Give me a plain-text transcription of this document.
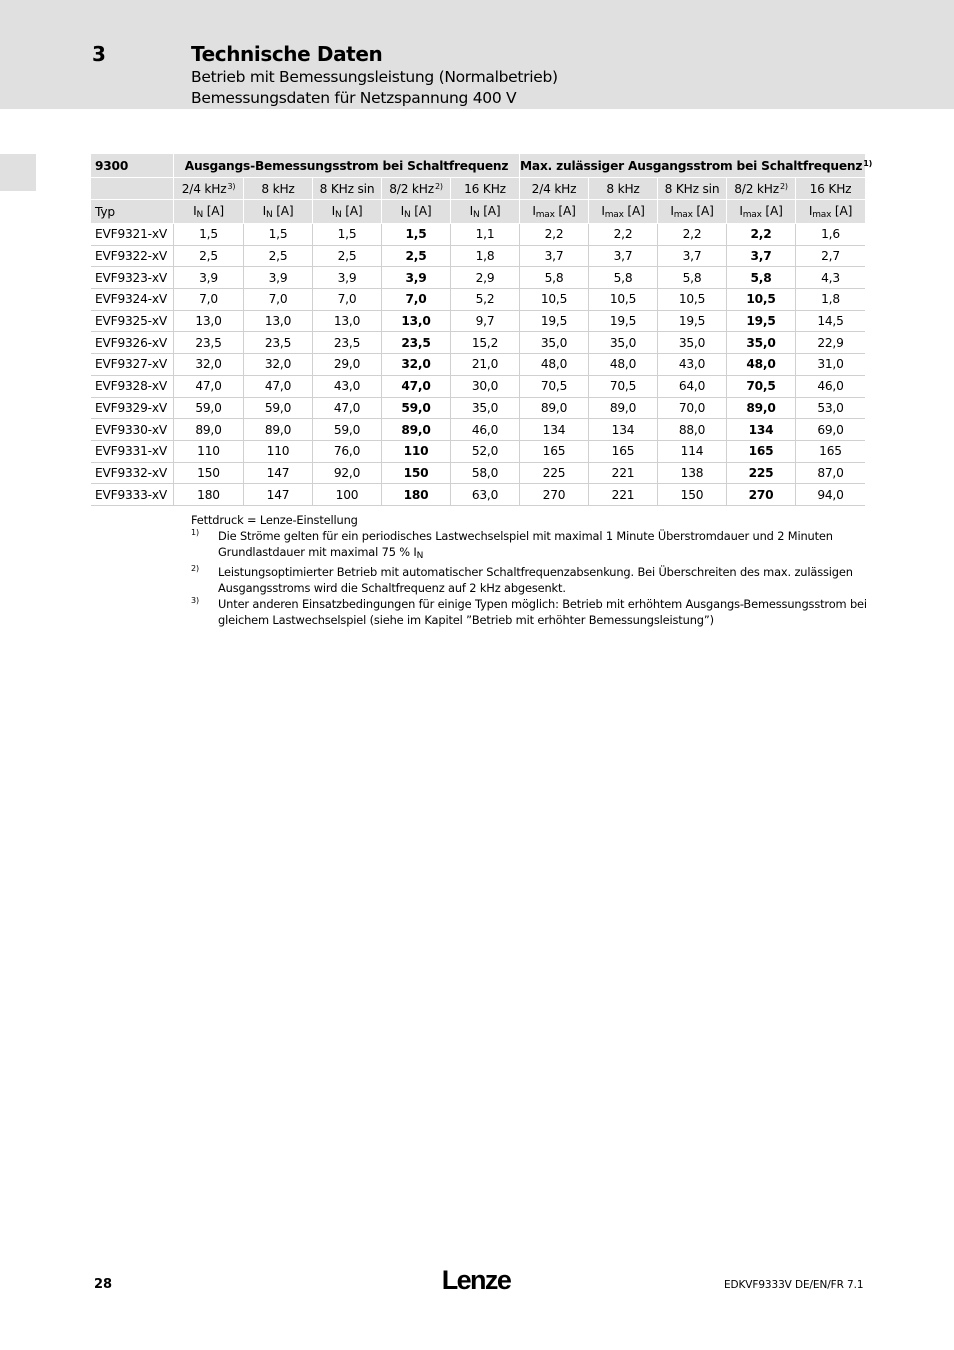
3	Technische Daten
Betrieb mit Bemessungsleistung (Normalbetrieb)
Bemessungsdaten für Netzspannung 400 V
9300	Ausgangs-Bemessungsstrom bei Schaltfrequenz					Max. zulässiger Ausgangsstrom bei Schaltfrequenz$^{1)}$
	2/4 kHz$^{3)}$	8 kHz	8 KHz sin	8/2 kHz$^{2)}$	16 KHz	2/4 kHz	8 kHz	8 KHz sin	8/2 kHz$^{2)}$	16 KHz
Typ	$I_N$ [A]	$I_N$ [A]	$I_N$ [A]	$I_N$ [A]	$I_N$ [A]	$I_{max}$ [A]	$I_{max}$ [A]	$I_{max}$ [A]	$I_{max}$ [A]	$I_{max}$ [A]
EVF9321-xV	1,5	1,5	1,5	1,5	1,1	2,2	2,2	2,2	2,2	1,6
EVF9322-xV	2,5	2,5	2,5	2,5	1,8	3,7	3,7	3,7	3,7	2,7
EVF9323-xV	3,9	3,9	3,9	3,9	2,9	5,8	5,8	5,8	5,8	4,3
EVF9324-xV	7,0	7,0	7,0	7,0	5,2	10,5	10,5	10,5	10,5	1,8
EVF9325-xV	13,0	13,0	13,0	13,0	9,7	19,5	19,5	19,5	19,5	14,5
EVF9326-xV	23,5	23,5	23,5	23,5	15,2	35,0	35,0	35,0	35,0	22,9
EVF9327-xV	32,0	32,0	29,0	32,0	21,0	48,0	48,0	43,0	48,0	31,0
EVF9328-xV	47,0	47,0	43,0	47,0	30,0	70,5	70,5	64,0	70,5	46,0
EVF9329-xV	59,0	59,0	47,0	59,0	35,0	89,0	89,0	70,0	89,0	53,0
EVF9330-xV	89,0	89,0	59,0	89,0	46,0	134	134	88,0	134	69,0
EVF9331-xV	110	110	76,0	110	52,0	165	165	114	165	165
EVF9332-xV	150	147	92,0	150	58,0	225	221	138	225	87,0
EVF9333-xV	180	147	100	180	63,0	270	221	150	270	94,0
Fettdruck = Lenze-Einstellung
1) Die Ströme gelten für ein periodisches Lastwechselspiel mit maximal 1 Minute Überstromdauer und 2 Minuten Grundlastdauer mit maximal 75 % $I_N$
2) Leistungsoptimierter Betrieb mit automatischer Schaltfrequenzabsenkung. Bei Überschreiten des max. zulässigen Ausgangsstroms wird die Schaltfrequenz auf 2 kHz abgesenkt.
3) Unter anderen Einsatzbedingungen für einige Typen möglich: Betrieb mit erhöhtem Ausgangs-Bemessungsstrom bei gleichem Lastwechselspiel (siehe im Kapitel ”Betrieb mit erhöhter Bemessungsleistung”)
28	Lenze	EDKVF9333V DE/EN/FR 7.1
